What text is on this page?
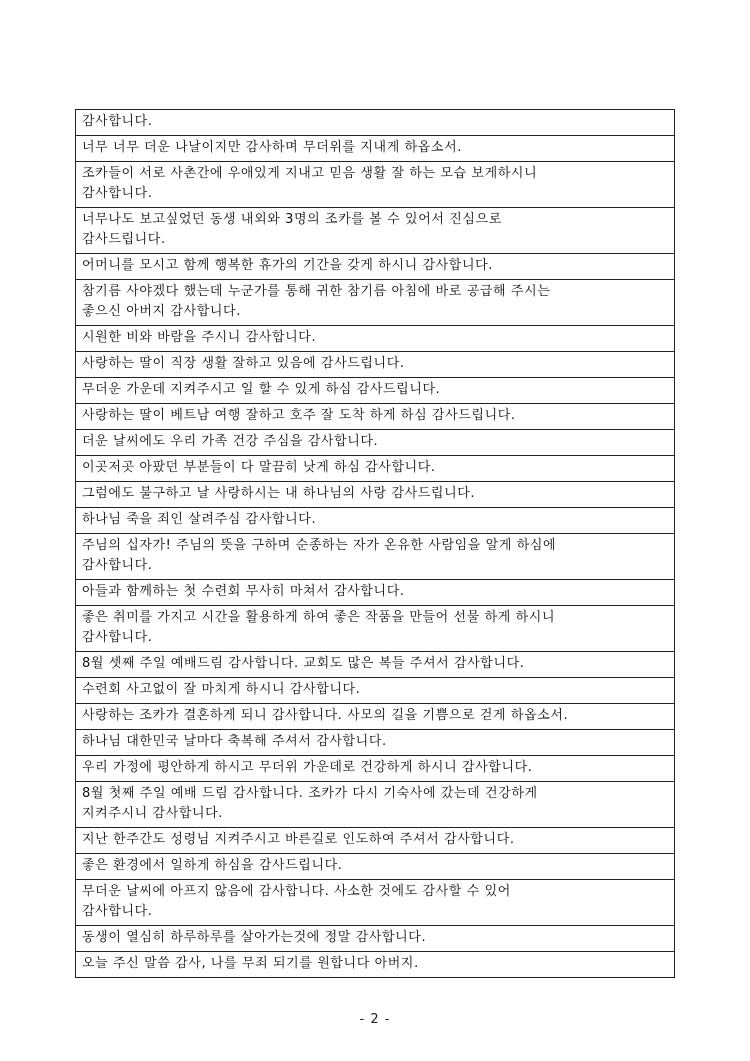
감사합니다.
너무 너무 더운 나날이지만 감사하며 무더위를 지내게 하옵소서.
조카들이 서로 사촌간에 우애있게 지내고 믿음 생활 잘 하는 모습 보게하시니
감사합니다.
너무나도 보고싶었던 동생 내외와 3명의 조카를 볼 수 있어서 진심으로
감사드립니다.
어머니를 모시고 함께 행복한 휴가의 기간을 갖게 하시니 감사합니다.
참기름 사야겠다 했는데 누군가를 통해 귀한 참기름 아침에 바로 공급해 주시는
좋으신 아버지 감사합니다.
시원한 비와 바람을 주시니 감사합니다.
사랑하는 딸이 직장 생활 잘하고 있음에 감사드립니다.
무더운 가운데 지켜주시고 일 할 수 있게 하심 감사드립니다.
사랑하는 딸이 베트남 여행 잘하고 호주 잘 도착 하게 하심 감사드립니다.
더운 날씨에도 우리 가족 건강 주심을 감사합니다.
이곳저곳 아팠던 부분들이 다 말끔히 낫게 하심 감사합니다.
그럼에도 불구하고 날 사랑하시는 내 하나님의 사랑 감사드립니다.
하나님 죽을 죄인 살려주심 감사합니다.
주님의 십자가! 주님의 뜻을 구하며 순종하는 자가 온유한 사람임을 알게 하심에
감사합니다.
아들과 함께하는 첫 수련회 무사히 마쳐서 감사합니다.
좋은 취미를 가지고 시간을 활용하게 하여 좋은 작품을 만들어 선물 하게 하시니
감사합니다.
8월 셋째 주일 예배드림 감사합니다. 교회도 많은 복들 주셔서 감사합니다.
수련회 사고없이 잘 마치게 하시니 감사합니다.
사랑하는 조카가 결혼하게 되니 감사합니다. 사모의 길을 기쁨으로 걷게 하옵소서.
하나님 대한민국 날마다 축복해 주셔서 감사합니다.
우리 가정에 평안하게 하시고 무더위 가운데로 건강하게 하시니 감사합니다.
8월 첫째 주일 예배 드림 감사합니다. 조카가 다시 기숙사에 갔는데 건강하게
지켜주시니 감사합니다.
지난 한주간도 성령님 지켜주시고 바른길로 인도하여 주셔서 감사합니다.
좋은 환경에서 일하게 하심을 감사드립니다.
무더운 날씨에 아프지 않음에 감사합니다. 사소한 것에도 감사할 수 있어
감사합니다.
동생이 열심히 하루하루를 살아가는것에 정말 감사합니다.
오늘 주신 말씀 감사, 나를 무죄 되기를 원합니다 아버지.
- 2 -
